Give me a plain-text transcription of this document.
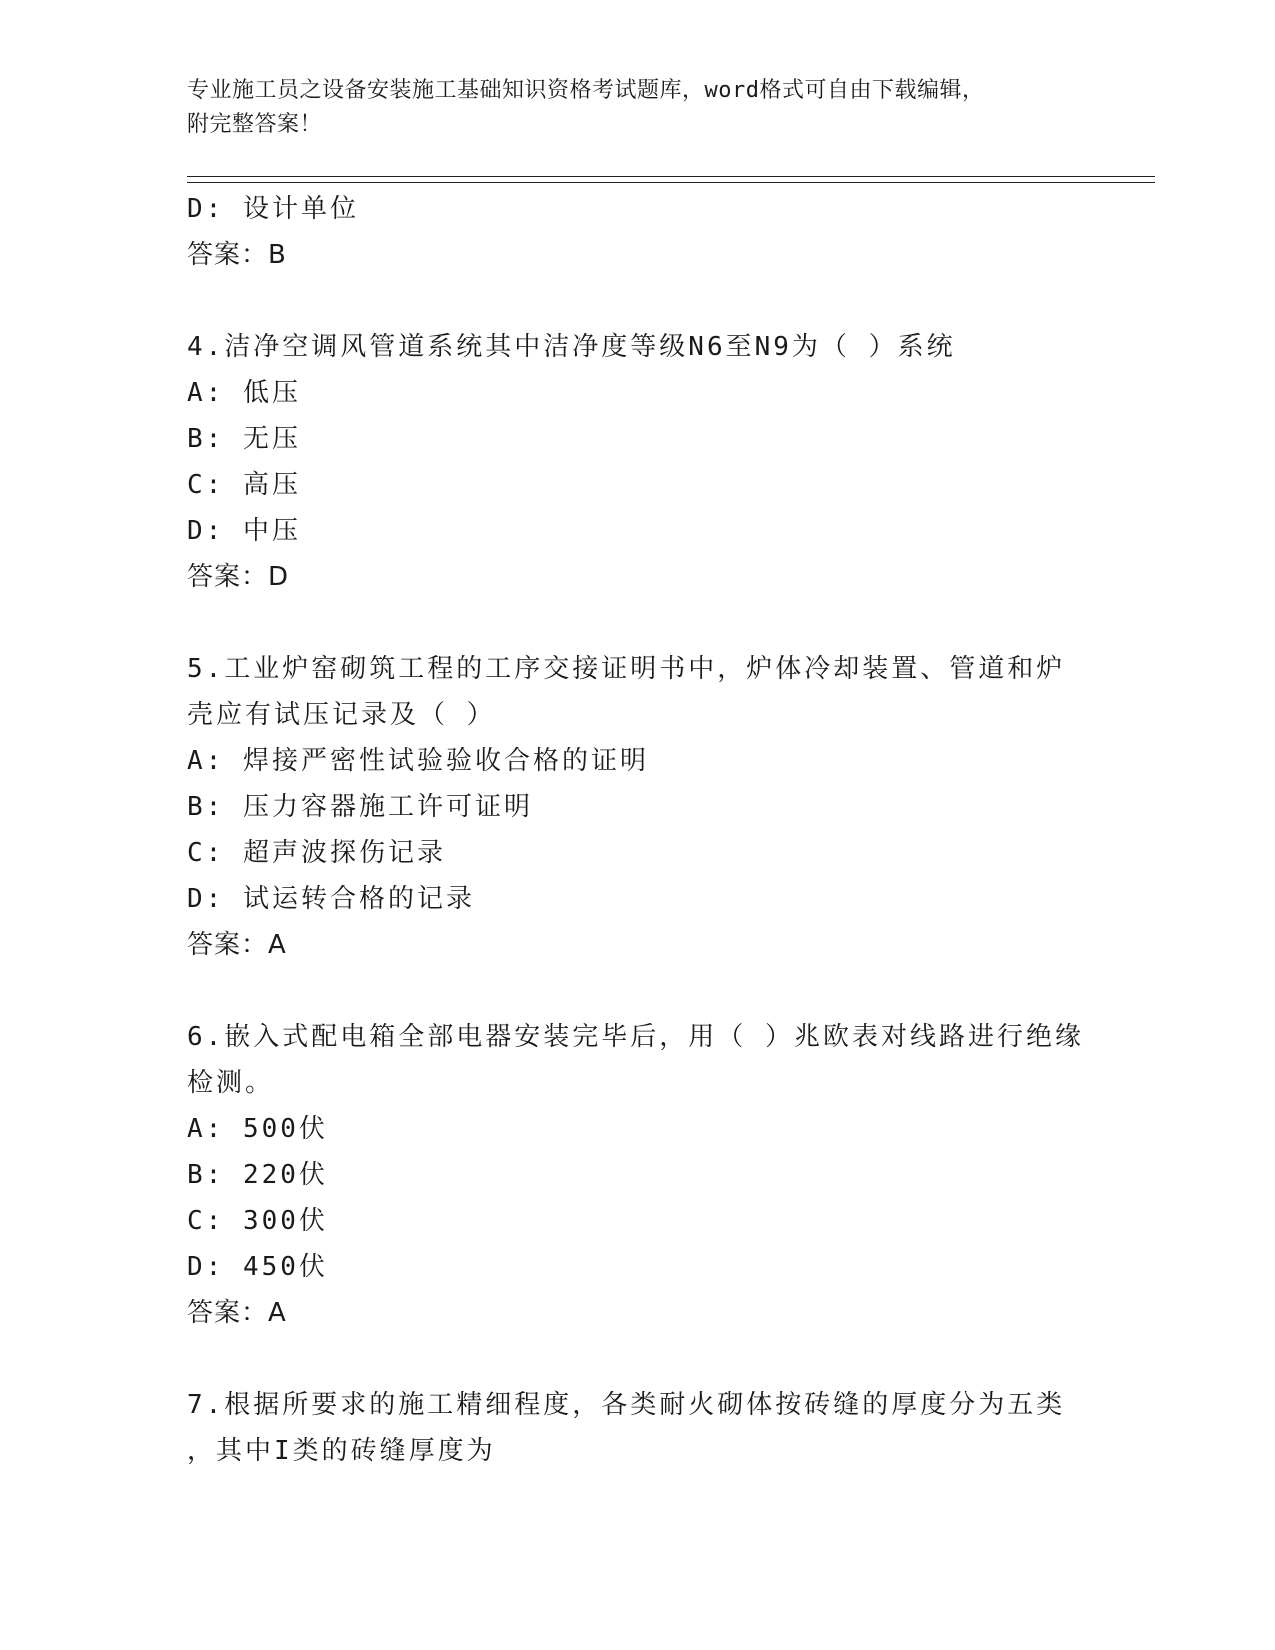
专业施工员之设备安装施工基础知识资格考试题库，word格式可自由下载编辑，
附完整答案！
D: 设计单位
答案：B
4.洁净空调风管道系统其中洁净度等级N6至N9为（ ）系统
A: 低压
B: 无压
C: 高压
D: 中压
答案：D
5.工业炉窑砌筑工程的工序交接证明书中，炉体冷却装置、管道和炉
壳应有试压记录及（ ）
A: 焊接严密性试验验收合格的证明
B: 压力容器施工许可证明
C: 超声波探伤记录
D: 试运转合格的记录
答案：A
6.嵌入式配电箱全部电器安装完毕后，用（ ）兆欧表对线路进行绝缘
检测。
A: 500伏
B: 220伏
C: 300伏
D: 450伏
答案：A
7.根据所要求的施工精细程度，各类耐火砌体按砖缝的厚度分为五类
，其中I类的砖缝厚度为
